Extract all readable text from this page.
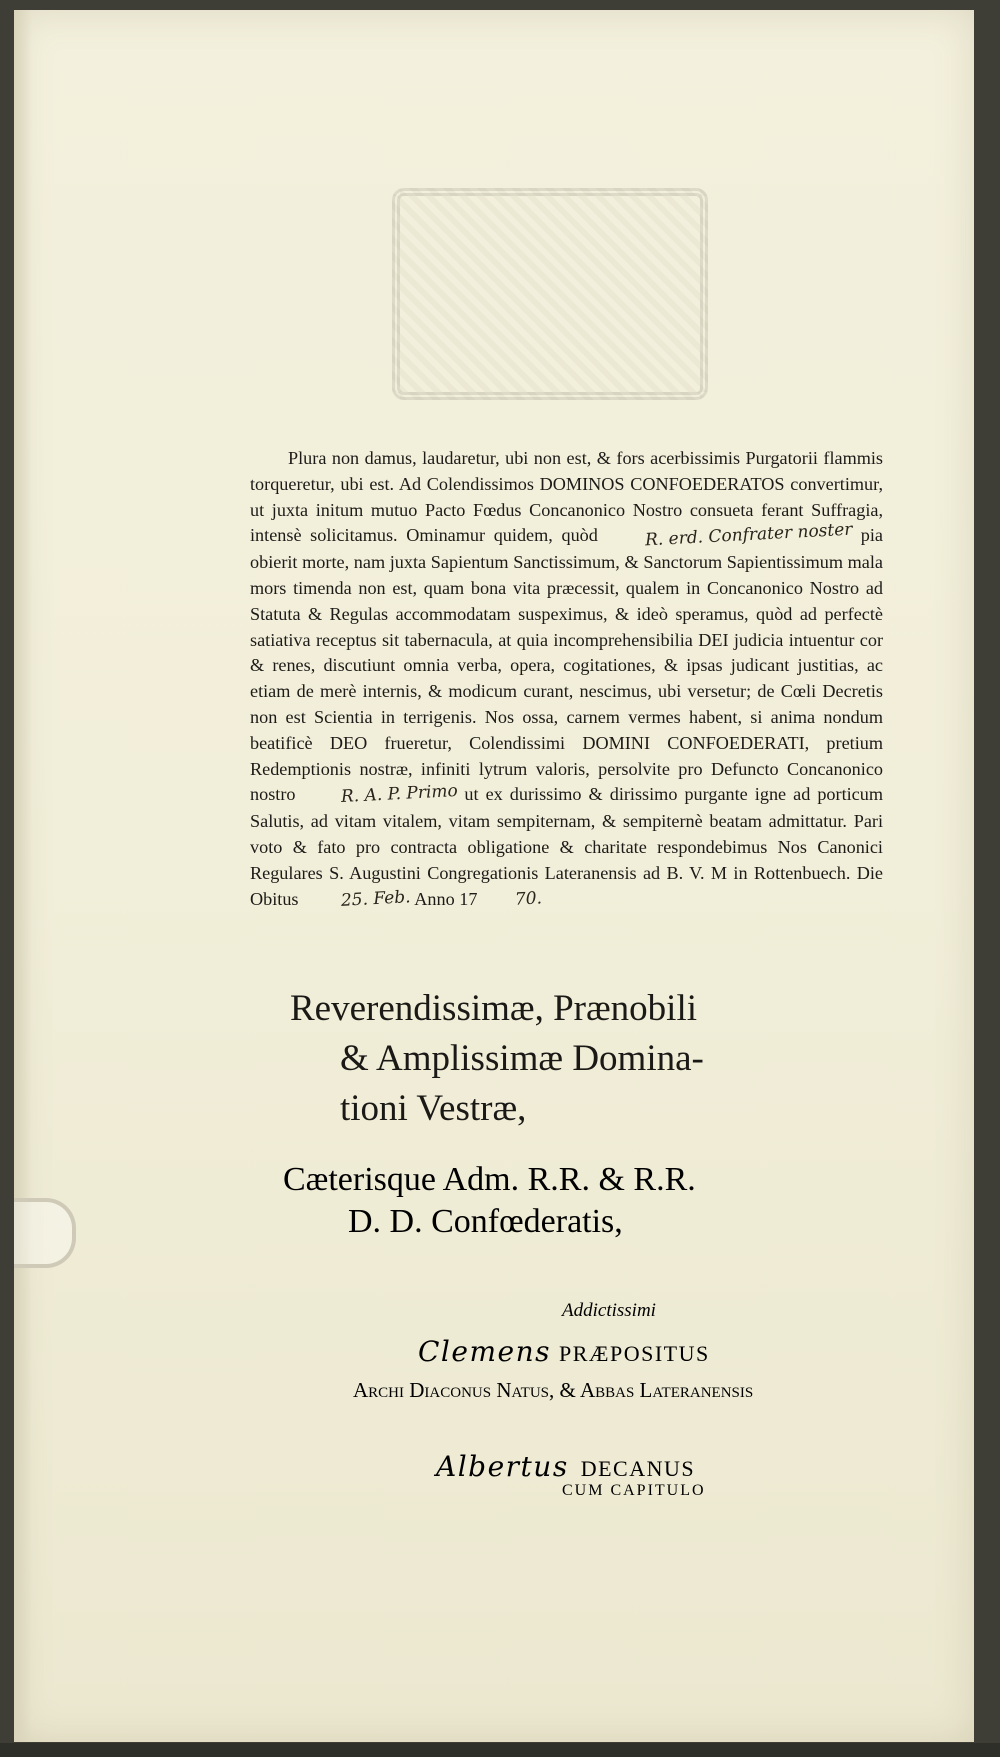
Plura non damus, laudaretur, ubi non est, & fors acerbissimis Purgatorii flammis torqueretur, ubi est. Ad Colendissimos DOMINOS CONFOEDERATOS convertimur, ut juxta initum mutuo Pacto Fœdus Concanonico Nostro consueta ferant Suffragia, intensè solicitamus. Ominamur quidem, quòd	R. erd. Confrater noster pia obierit morte, nam juxta Sapientum Sanctissimum, & Sanctorum Sapientissimum mala mors timenda non est, quam bona vita præcessit, qualem in Concanonico Nostro ad Statuta & Regulas accommodatam suspeximus, & ideò speramus, quòd ad perfectè satiativa receptus sit tabernacula, at quia incomprehensibilia DEI judicia intuentur cor & renes, discutiunt omnia verba, opera, cogitationes, & ipsas judicant justitias, ac etiam de merè internis, & modicum curant, nescimus, ubi versetur; de Cœli Decretis non est Scientia in terrigenis. Nos ossa, carnem vermes habent, si anima nondum beatificè DEO frueretur, Colendissimi DOMINI CONFOEDERATI, pretium Redemptionis nostræ, infiniti lytrum valoris, persolvite pro Defuncto Concanonico nostro	R. A. P. Primo ut ex durissimo & dirissimo purgante igne ad porticum Salutis, ad vitam vitalem, vitam sempiternam, & sempiternè beatam admittatur. Pari voto & fato pro contracta obligatione & charitate respondebimus Nos Canonici Regulares S. Augustini Congregationis Lateranensis ad B. V. M in Rottenbuech. Die Obitus 25. Feb. Anno 17 70.

Reverendissimæ, Prænobili
& Amplissimæ Domina-
tioni Vestræ,
Cæterisque Adm. R.R. & R.R.
D. D. Confœderatis,
Addictissimi
Clemens PRÆPOSITUS
Archi Diaconus Natus, & Abbas Lateranensis
Albertus DECANUS
CUM CAPITULO
